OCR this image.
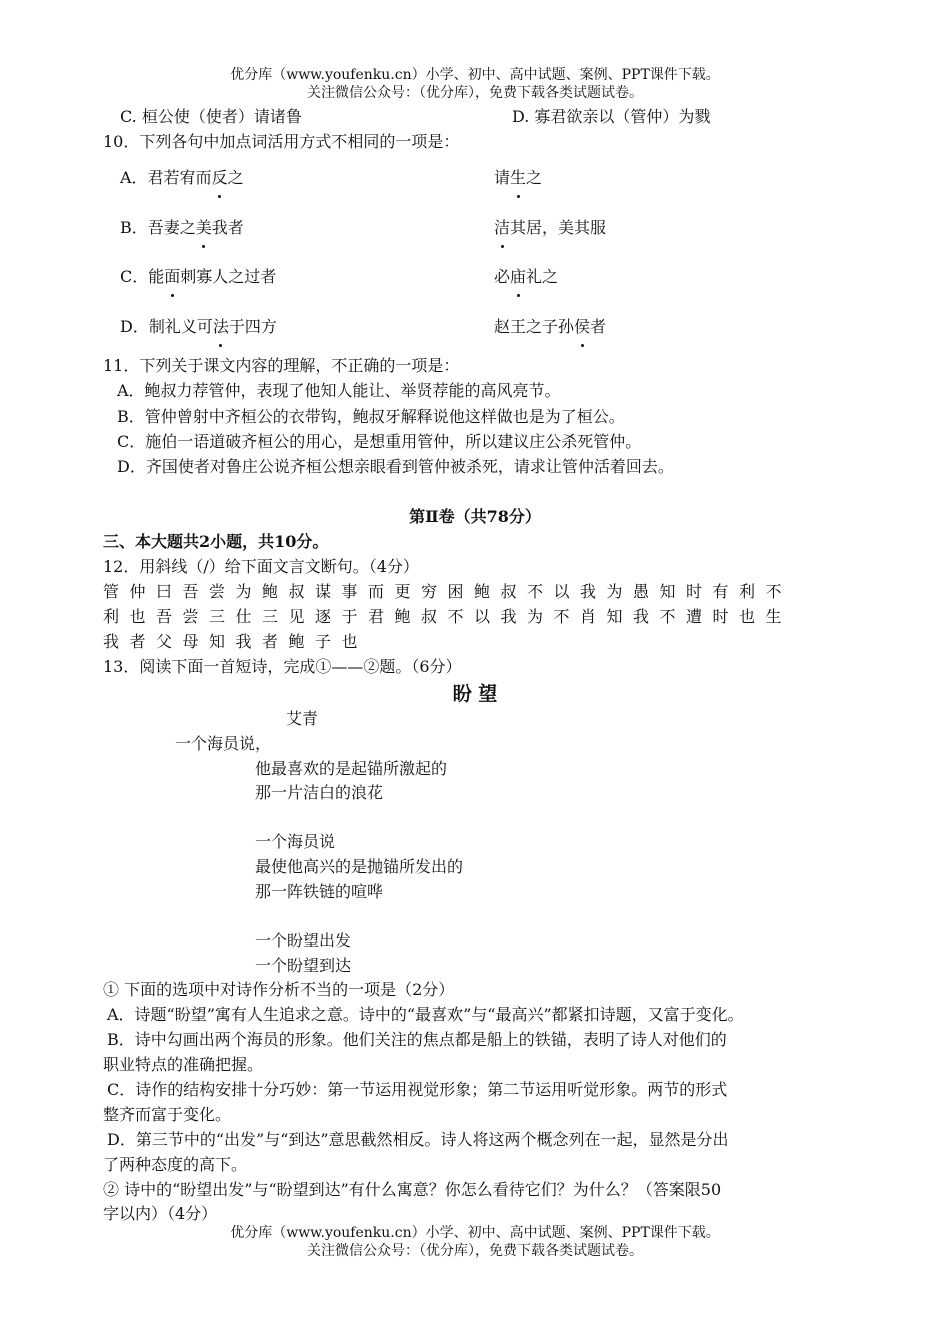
优分库（www.youfenku.cn）小学、初中、高中试题、案例、PPT课件下载。
关注微信公众号：（优分库），免费下载各类试题试卷。
C. 桓公使（使者）请诸鲁	D. 寡君欲亲以（管仲）为戮
10．下列各句中加点词活用方式不相同的一项是：
A．君若宥而反之	请生之
B．吾妻之美我者	洁其居，美其服
C．能面刺寡人之过者	必庙礼之
D．制礼义可法于四方	赵王之子孙侯者
11．下列关于课文内容的理解，不正确的一项是：
A．鲍叔力荐管仲，表现了他知人能让、举贤荐能的高风亮节。
B．管仲曾射中齐桓公的衣带钩，鲍叔牙解释说他这样做也是为了桓公。
C．施伯一语道破齐桓公的用心，是想重用管仲，所以建议庄公杀死管仲。
D．齐国使者对鲁庄公说齐桓公想亲眼看到管仲被杀死，请求让管仲活着回去。
第Ⅱ卷（共78分）
三、本大题共2小题，共10分。
12．用斜线（/）给下面文言文断句。（4分）
管仲曰吾尝为鲍叔谋事而更穷困鲍叔不以我为愚知时有利不
利也吾尝三仕三见逐于君鲍叔不以我为不肖知我不遭时也生
我者父母知我者鲍子也
13．阅读下面一首短诗，完成①——②题。（6分）
盼 望
艾青
一个海员说，
他最喜欢的是起锚所激起的
那一片洁白的浪花
一个海员说
最使他高兴的是抛锚所发出的
那一阵铁链的喧哗
一个盼望出发
一个盼望到达
① 下面的选项中对诗作分析不当的一项是（2分）
A．诗题“盼望”寓有人生追求之意。诗中的“最喜欢”与“最高兴”都紧扣诗题，又富于变化。
B．诗中勾画出两个海员的形象。他们关注的焦点都是船上的铁锚，表明了诗人对他们的
职业特点的准确把握。
C．诗作的结构安排十分巧妙：第一节运用视觉形象；第二节运用听觉形象。两节的形式
整齐而富于变化。
D．第三节中的“出发”与“到达”意思截然相反。诗人将这两个概念列在一起，显然是分出
了两种态度的高下。
② 诗中的“盼望出发”与“盼望到达”有什么寓意？你怎么看待它们？为什么？（答案限50
字以内）（4分）
优分库（www.youfenku.cn）小学、初中、高中试题、案例、PPT课件下载。
关注微信公众号：（优分库），免费下载各类试题试卷。
